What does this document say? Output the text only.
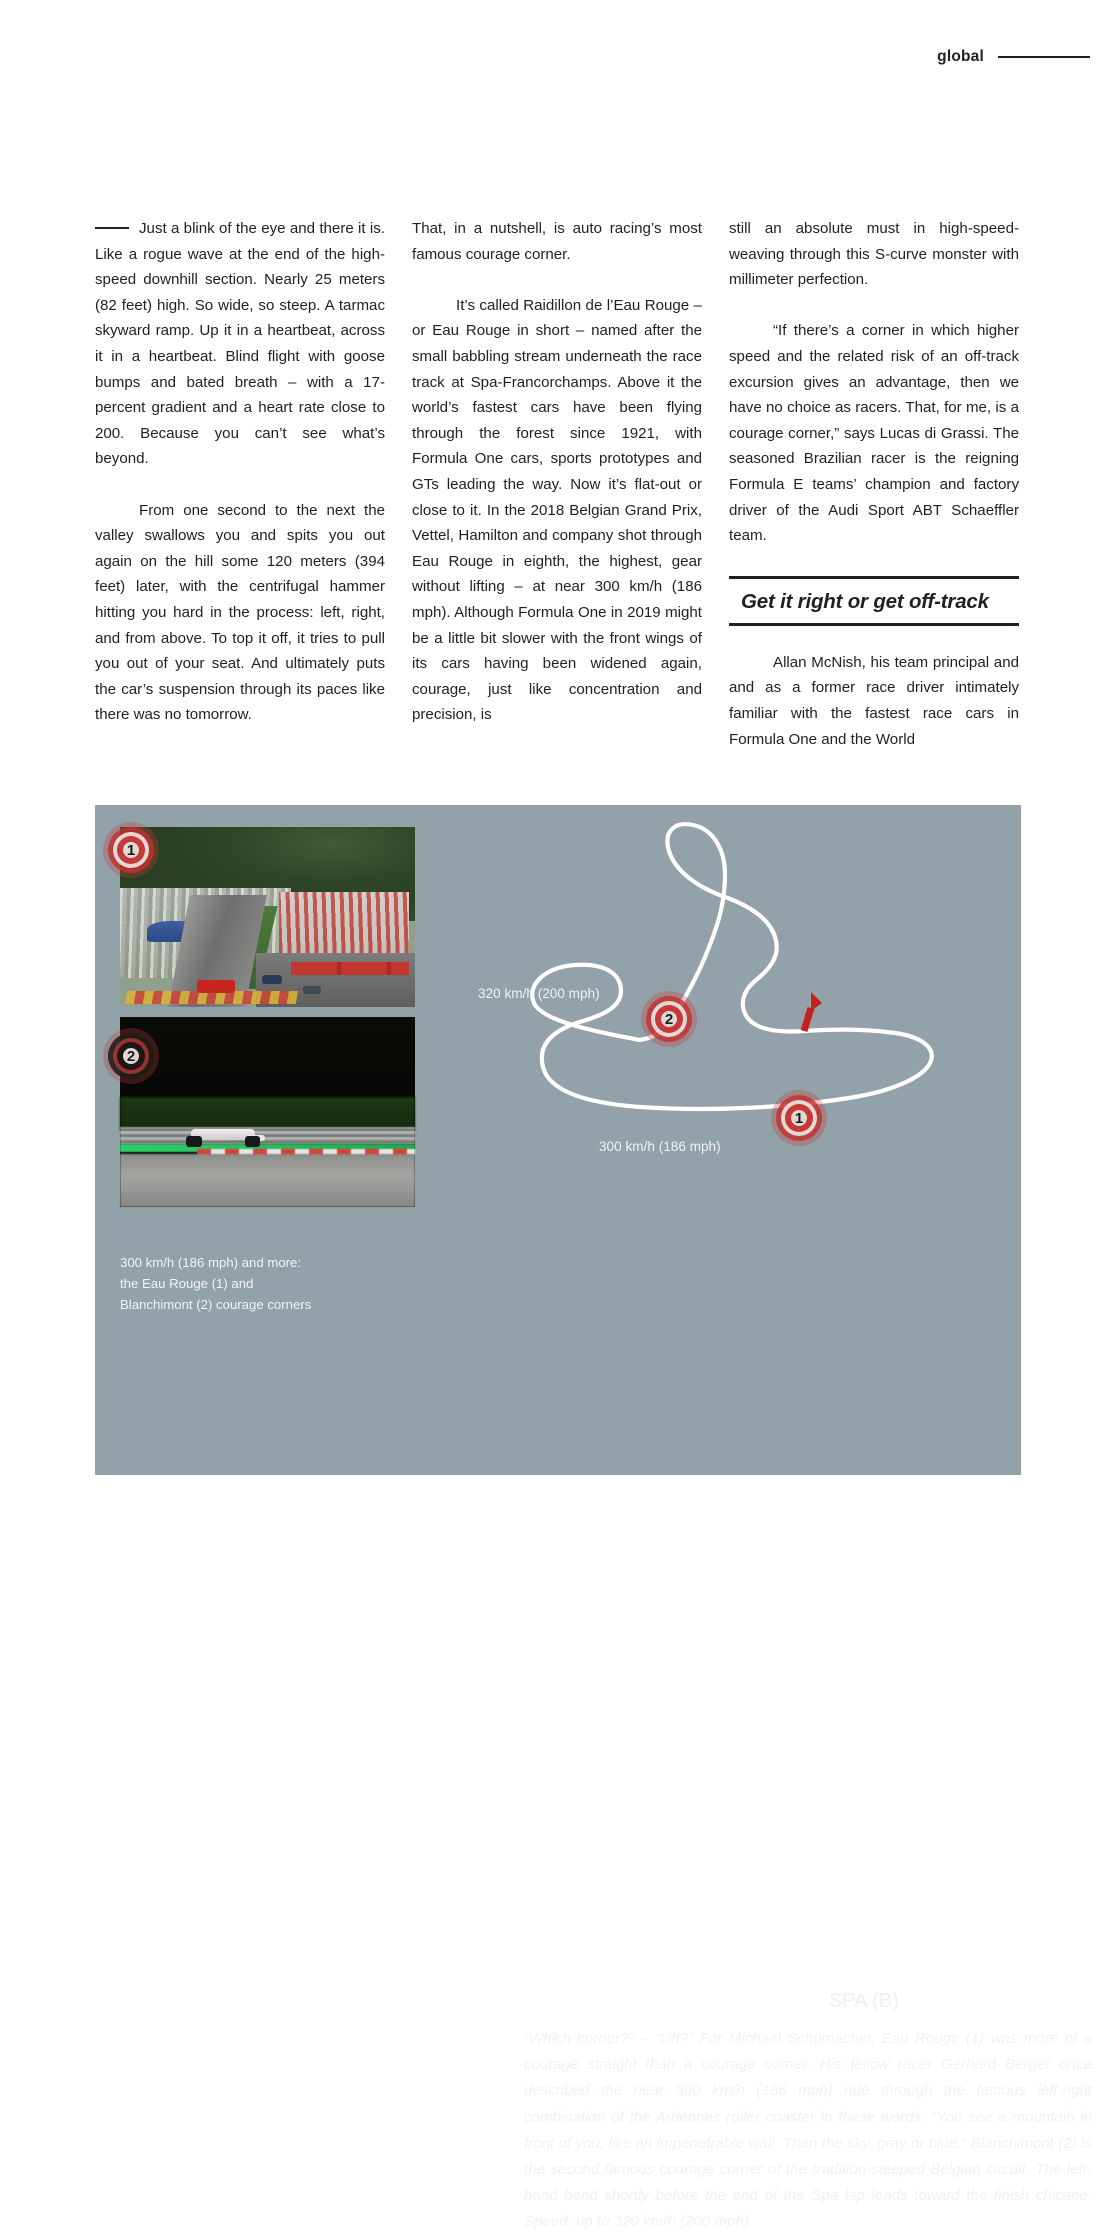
global

Just a blink of the eye and there it is. Like a rogue wave at the end of the high-speed downhill section. Nearly 25 meters (82 feet) high. So wide, so steep. A tarmac skyward ramp. Up it in a heartbeat, across it in a heartbeat. Blind flight with goose bumps and bated breath – with a 17-percent gradient and a heart rate close to 200. Because you can’t see what’s beyond.

From one second to the next the valley swallows you and spits you out again on the hill some 120 meters (394 feet) later, with the centrifugal hammer hitting you hard in the process: left, right, and from above. To top it off, it tries to pull you out of your seat. And ultimately puts the car’s suspension through its paces like there was no tomorrow.

That, in a nutshell, is auto racing’s most famous courage corner.

It’s called Raidillon de l’Eau Rouge – or Eau Rouge in short – named after the small babbling stream underneath the race track at Spa-Francorchamps. Above it the world’s fastest cars have been flying through the forest since 1921, with Formula One cars, sports prototypes and GTs leading the way. Now it’s flat-out or close to it. In the 2018 Belgian Grand Prix, Vettel, Hamilton and company shot through Eau Rouge in eighth, the highest, gear without lifting – at near 300 km/h (186 mph). Although Formula One in 2019 might be a little bit slower with the front wings of its cars having been widened again, courage, just like concentration and precision, is

still an absolute must in high-speed-weaving through this S-curve monster with millimeter perfection.

“If there’s a corner in which higher speed and the related risk of an off-track excursion gives an advantage, then we have no choice as racers. That, for me, is a courage corner,” says Lucas di Grassi. The seasoned Brazilian racer is the reigning Formula E teams’ champion and factory driver of the Audi Sport ABT Schaeffler team.

Get it right or get off-track

Allan McNish, his team principal and and as a former race driver intimately familiar with the fastest race cars in Formula One and the World

320 km/h (200 mph)
300 km/h (186 mph)
EAU ROUGE & BLANCHIMONT SPA (B)
“Which corner?” – “Lift?” For Michael Schumacher, Eau Rouge (1) was more of a courage straight than a courage corner. His fellow racer Gerhard Berger once described the near 300 km/h (186 mph) ride through the famous left-right combination of the Ardennes roller coaster in these words: “You see a mountain in front of you, like an impenetrable wall. Then the sky, gray or blue.” Blanchimont (2) is the second famous courage corner of the tradition-steeped Belgian circuit. The left-hand bend shortly before the end of the Spa lap leads toward the finish chicane. Speed: up to 320 km/h (200 mph).
1
2
2
1
300 km/h (186 mph) and more: the Eau Rouge (1) and Blanchimont (2) courage corners
